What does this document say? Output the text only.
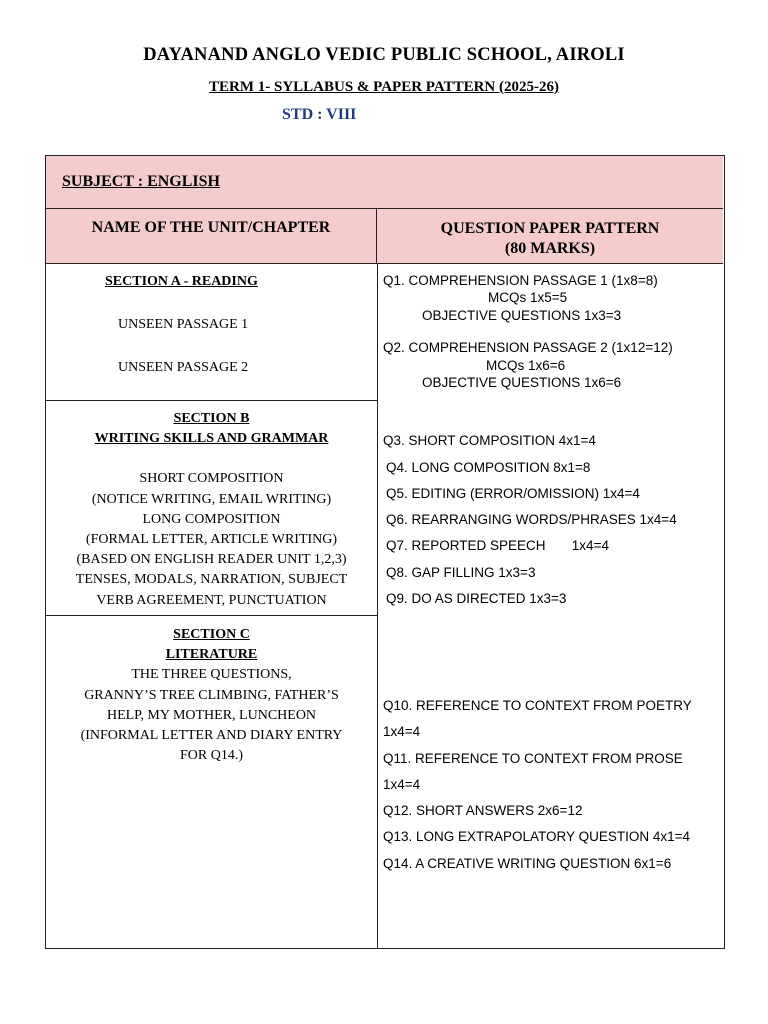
DAYANAND ANGLO VEDIC PUBLIC SCHOOL, AIROLI
TERM 1- SYLLABUS & PAPER PATTERN (2025-26)
STD : VIII
SUBJECT : ENGLISH
NAME OF THE UNIT/CHAPTER	QUESTION PAPER PATTERN
(80 MARKS)
SECTION A - READING
UNSEEN PASSAGE 1
UNSEEN PASSAGE 2
SECTION B
WRITING SKILLS AND GRAMMAR
SHORT COMPOSITION
(NOTICE WRITING, EMAIL WRITING)
LONG COMPOSITION
(FORMAL LETTER, ARTICLE WRITING)
(BASED ON ENGLISH READER UNIT 1,2,3)
TENSES, MODALS, NARRATION, SUBJECT
VERB AGREEMENT, PUNCTUATION
SECTION C
LITERATURE
THE THREE QUESTIONS,
GRANNY’S TREE CLIMBING, FATHER’S
HELP, MY MOTHER, LUNCHEON
(INFORMAL LETTER AND DIARY ENTRY
FOR Q14.)
Q1. COMPREHENSION PASSAGE 1 (1x8=8)
MCQs 1x5=5
OBJECTIVE QUESTIONS 1x3=3
Q2. COMPREHENSION PASSAGE 2 (1x12=12)
MCQs 1x6=6
OBJECTIVE QUESTIONS 1x6=6
Q3. SHORT COMPOSITION 4x1=4
Q4. LONG COMPOSITION 8x1=8
Q5. EDITING (ERROR/OMISSION) 1x4=4
Q6. REARRANGING WORDS/PHRASES 1x4=4
Q7. REPORTED SPEECH       1x4=4
Q8. GAP FILLING 1x3=3
Q9. DO AS DIRECTED 1x3=3
Q10. REFERENCE TO CONTEXT FROM POETRY
1x4=4
Q11. REFERENCE TO CONTEXT FROM PROSE
1x4=4
Q12. SHORT ANSWERS 2x6=12
Q13. LONG EXTRAPOLATORY QUESTION 4x1=4
Q14. A CREATIVE WRITING QUESTION 6x1=6
